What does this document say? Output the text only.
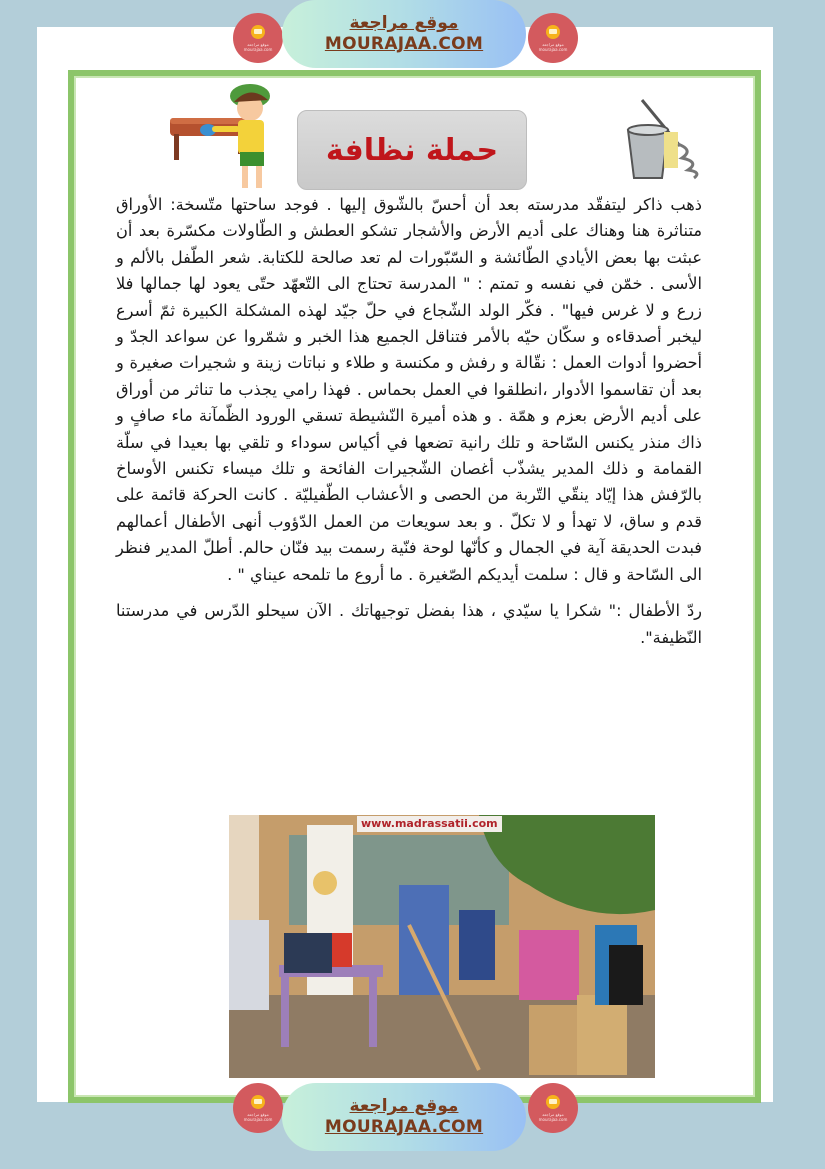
موقع مراجعة
mourajaa.com
موقع مراجعة
MOURAJAA.COM	موقع مراجعة
mourajaa.com
حملة نظافة

ذهب ذاكر ليتفقّد مدرسته بعد أن أحسّ بالشّوق إليها . فوجد ساحتها متّسخة: الأوراق متناثرة هنا وهناك على أديم الأرض والأشجار تشكو العطش و الطّاولات مكسّرة بعد أن عبثت بها بعض الأيادي الطّائشة و السّبّورات لم تعد صالحة للكتابة. شعر الطّفل بالألم و الأسى . خمّن في نفسه و تمتم : " المدرسة تحتاج الى التّعهّد حتّى يعود لها جمالها فلا زرع و لا غرس فيها" . فكّر الولد الشّجاع في حلّ جيّد لهذه المشكلة الكبيرة ثمّ أسرع ليخبر أصدقاءه و سكّان حيّه بالأمر فتناقل الجميع هذا الخبر و شمّروا عن سواعد الجدّ و أحضروا أدوات العمل : نقّالة و رفش و مكنسة و طلاء و نباتات زينة و شجيرات صغيرة و بعد أن تقاسموا الأدوار ،انطلقوا في العمل بحماس . فهذا رامي يجذب ما تناثر من أوراق على أديم الأرض بعزم و همّة . و هذه أميرة النّشيطة تسقي الورود الظّمآنة ماء صافٍ و ذاك منذر يكنس السّاحة و تلك رانية تضعها في أكياس سوداء و تلقي بها بعيدا في سلّة القمامة و ذلك المدير يشذّب أغصان الشّجيرات الفائحة و تلك ميساء تكنس الأوساخ بالرّفش هذا إيّاد ينقّي التّربة من الحصى و الأعشاب الطّفيليّة . كانت الحركة قائمة على قدم و ساق، لا تهدأ و لا تكلّ . و بعد سويعات من العمل الدّؤوب أنهى الأطفال أعمالهم فبدت الحديقة آية في الجمال و كأنّها لوحة فنّية رسمت بيد فنّان حالم. أطلّ المدير فنظر الى السّاحة و قال : سلمت أيديكم الصّغيرة . ما أروع ما تلمحه عيناي " .

ردّ الأطفال :" شكرا يا سيّدي ، هذا بفضل توجيهاتك . الآن سيحلو الدّرس في مدرستنا النّظيفة".

www.madrassatii.com
موقع مراجعة
mourajaa.com
موقع مراجعة
MOURAJAA.COM
موقع مراجعة
mourajaa.com
